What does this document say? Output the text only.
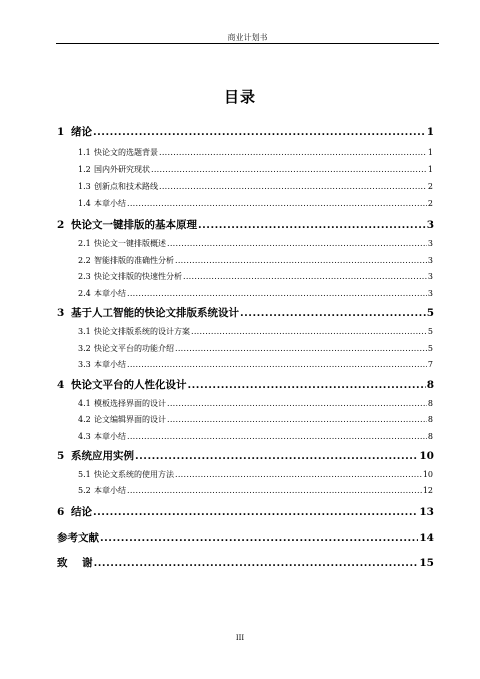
商业计划书
目录
1 绪论 .....	1
1.1 快论文的选题背景 .....	1
1.2 国内外研究现状 .....	1
1.3 创新点和技术路线 .....	2
1.4 本章小结 .....	2
2 快论文一键排版的基本原理 .....	3
2.1 快论文一键排版概述 .....	3
2.2 智能排版的准确性分析 .....	3
2.3 快论文排版的快速性分析 .....	3
2.4 本章小结 .....	3
3 基于人工智能的快论文排版系统设计 .....	5
3.1 快论文排版系统的设计方案 .....	5
3.2 快论文平台的功能介绍 .....	5
3.3 本章小结 .....	7
4 快论文平台的人性化设计 .....	8
4.1 模板选择界面的设计 .....	8
4.2 论文编辑界面的设计 .....	8
4.3 本章小结 .....	8
5 系统应用实例 .....	10
5.1 快论文系统的使用方法 .....	10
5.2 本章小结 .....	12
6 结论 .....	13
参考文献 .....	14
致    谢 .....	15
III
